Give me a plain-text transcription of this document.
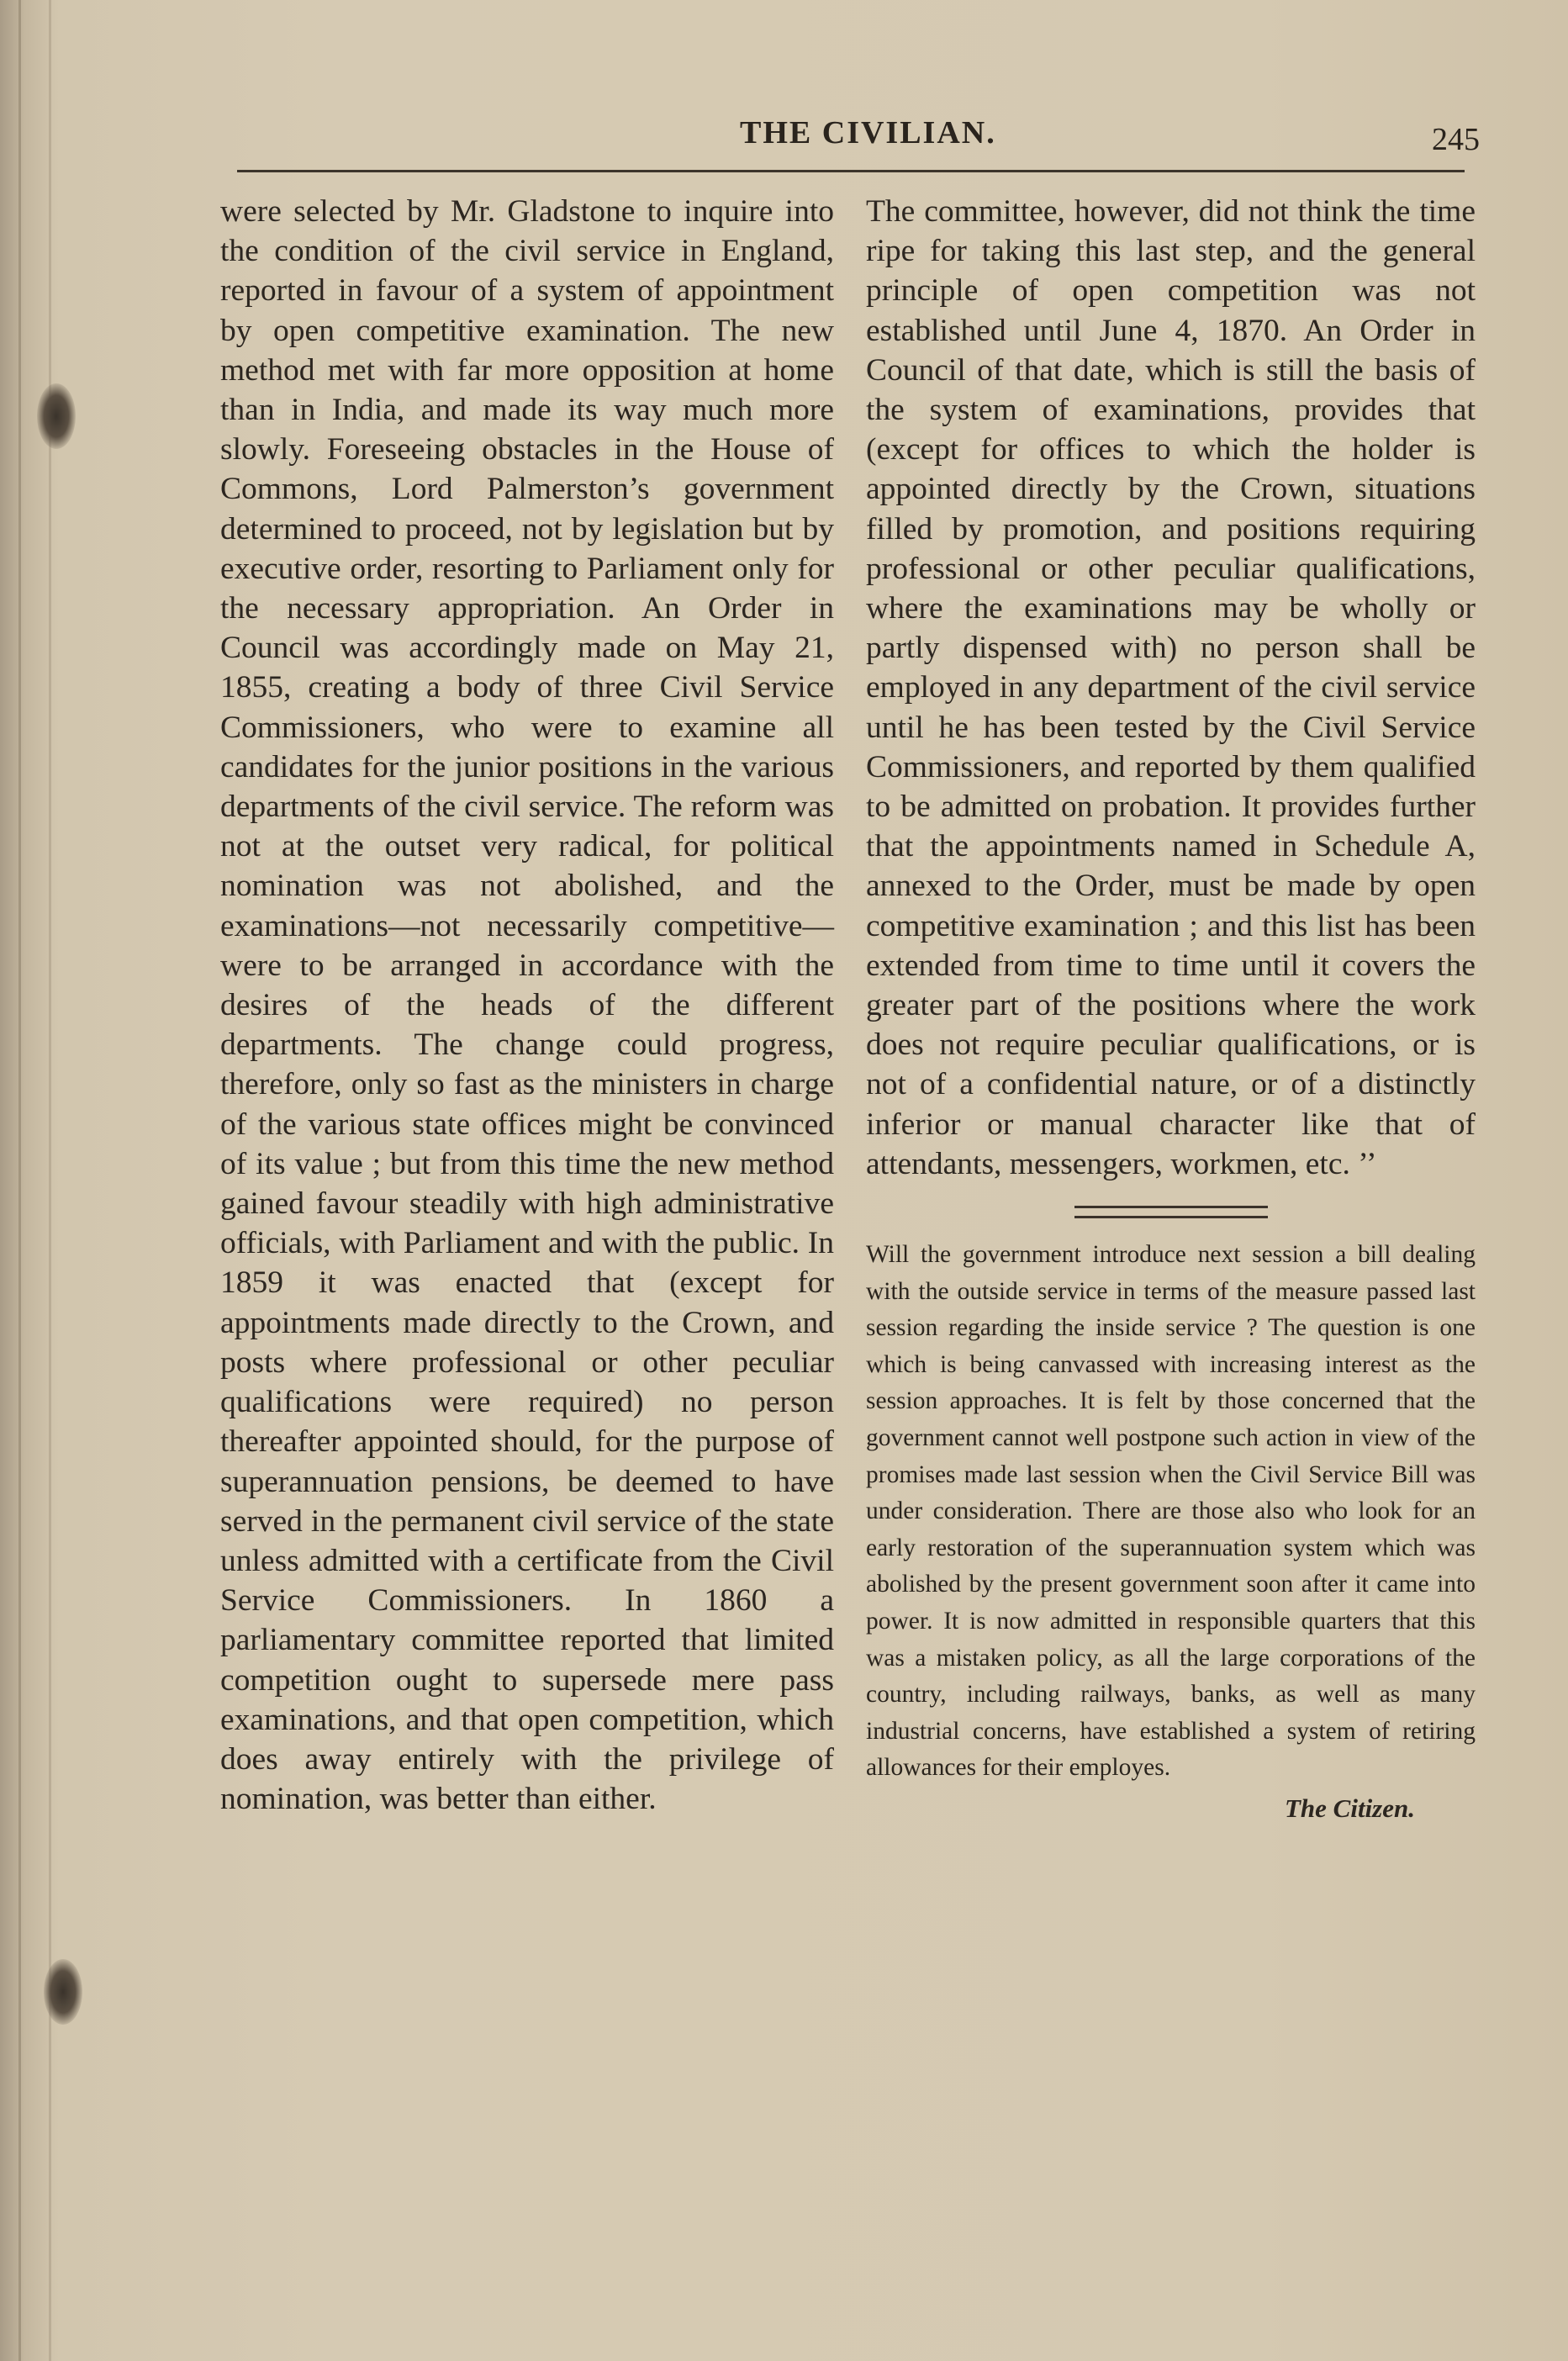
THE CIVILIAN.	245

were selected by Mr. Gladstone to inquire into the condition of the civil service in England, reported in favour of a system of appointment by open competitive examination. The new method met with far more opposition at home than in India, and made its way much more slowly. Foreseeing obstacles in the House of Commons, Lord Palmerston’s government determined to proceed, not by legislation but by executive order, resorting to Parliament only for the necessary appropriation. An Order in Council was accordingly made on May 21, 1855, creating a body of three Civil Service Commissioners, who were to examine all candidates for the junior positions in the various departments of the civil service. The reform was not at the outset very radical, for political nomination was not abolished, and the examinations—not necessarily competitive—were to be arranged in accordance with the desires of the heads of the different departments. The change could progress, therefore, only so fast as the ministers in charge of the various state offices might be convinced of its value ; but from this time the new method gained favour steadily with high administrative officials, with Parliament and with the public. In 1859 it was enacted that (except for appointments made directly to the Crown, and posts where professional or other peculiar qualifications were required) no person thereafter appointed should, for the purpose of superannuation pensions, be deemed to have served in the permanent civil service of the state unless admitted with a certificate from the Civil Service Commissioners. In 1860 a parliamentary committee reported that limited competition ought to supersede mere pass examinations, and that open competition, which does away entirely with the privilege of nomination, was better than either.

The committee, however, did not think the time ripe for taking this last step, and the general principle of open competition was not established until June 4, 1870. An Order in Council of that date, which is still the basis of the system of examinations, provides that (except for offices to which the holder is appointed directly by the Crown, situations filled by promotion, and positions requiring professional or other peculiar qualifications, where the examinations may be wholly or partly dispensed with) no person shall be employed in any department of the civil service until he has been tested by the Civil Service Commissioners, and reported by them qualified to be admitted on probation. It provides further that the appointments named in Schedule A, annexed to the Order, must be made by open competitive examination ; and this list has been extended from time to time until it covers the greater part of the positions where the work does not require peculiar qualifications, or is not of a confidential nature, or of a distinctly inferior or manual character like that of attendants, messengers, workmen, etc. ’’

Will the government introduce next session a bill dealing with the outside service in terms of the measure passed last session regarding the inside service ? The question is one which is being canvassed with increasing interest as the session approaches. It is felt by those concerned that the government cannot well postpone such action in view of the promises made last session when the Civil Service Bill was under consideration. There are those also who look for an early restoration of the superannuation system which was abolished by the present government soon after it came into power. It is now admitted in responsible quarters that this was a mistaken policy, as all the large corporations of the country, including railways, banks, as well as many industrial concerns, have established a system of retiring allowances for their employes.

The Citizen.
